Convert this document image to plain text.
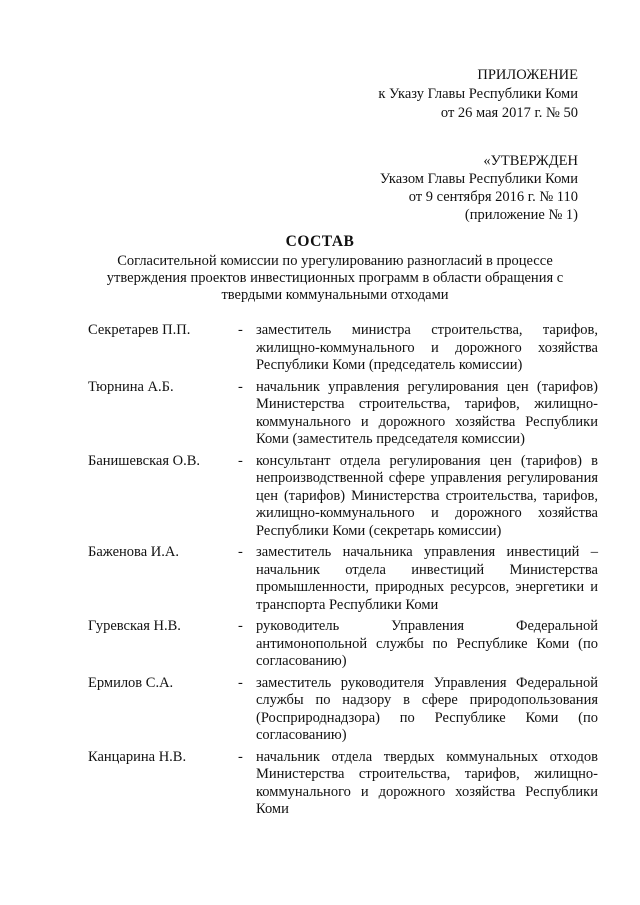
ПРИЛОЖЕНИЕ
к Указу Главы Республики Коми
от 26 мая 2017 г. № 50
«УТВЕРЖДЕН
Указом Главы Республики Коми
от 9 сентября 2016 г. № 110
(приложение № 1)
СОСТАВ
Согласительной комиссии по урегулированию разногласий в процессе утверждения проектов инвестиционных программ в области обращения с твердыми коммунальными отходами
Секретарев П.П.	- заместитель министра строительства, тарифов, жилищно-коммунального и дорожного хозяйства Республики Коми (председатель комиссии)
Тюрнина А.Б.	- начальник управления регулирования цен (тарифов) Министерства строительства, тарифов, жилищно-коммунального и дорожного хозяйства Республики Коми (заместитель председателя комиссии)
Банишевская О.В.	- консультант отдела регулирования цен (тарифов) в непроизводственной сфере управления регулирования цен (тарифов) Министерства строительства, тарифов, жилищно-коммунального и дорожного хозяйства Республики Коми (секретарь комиссии)
Баженова И.А.	- заместитель начальника управления инвестиций – начальник отдела инвестиций Министерства промышленности, природных ресурсов, энергетики и транспорта Республики Коми
Гуревская Н.В.	- руководитель Управления Федеральной антимонопольной службы по Республике Коми (по согласованию)
Ермилов С.А.	- заместитель руководителя Управления Федеральной службы по надзору в сфере природопользования (Росприроднадзора) по Республике Коми (по согласованию)
Канцарина Н.В.	- начальник отдела твердых коммунальных отходов Министерства строительства, тарифов, жилищно-коммунального и дорожного хозяйства Республики Коми
